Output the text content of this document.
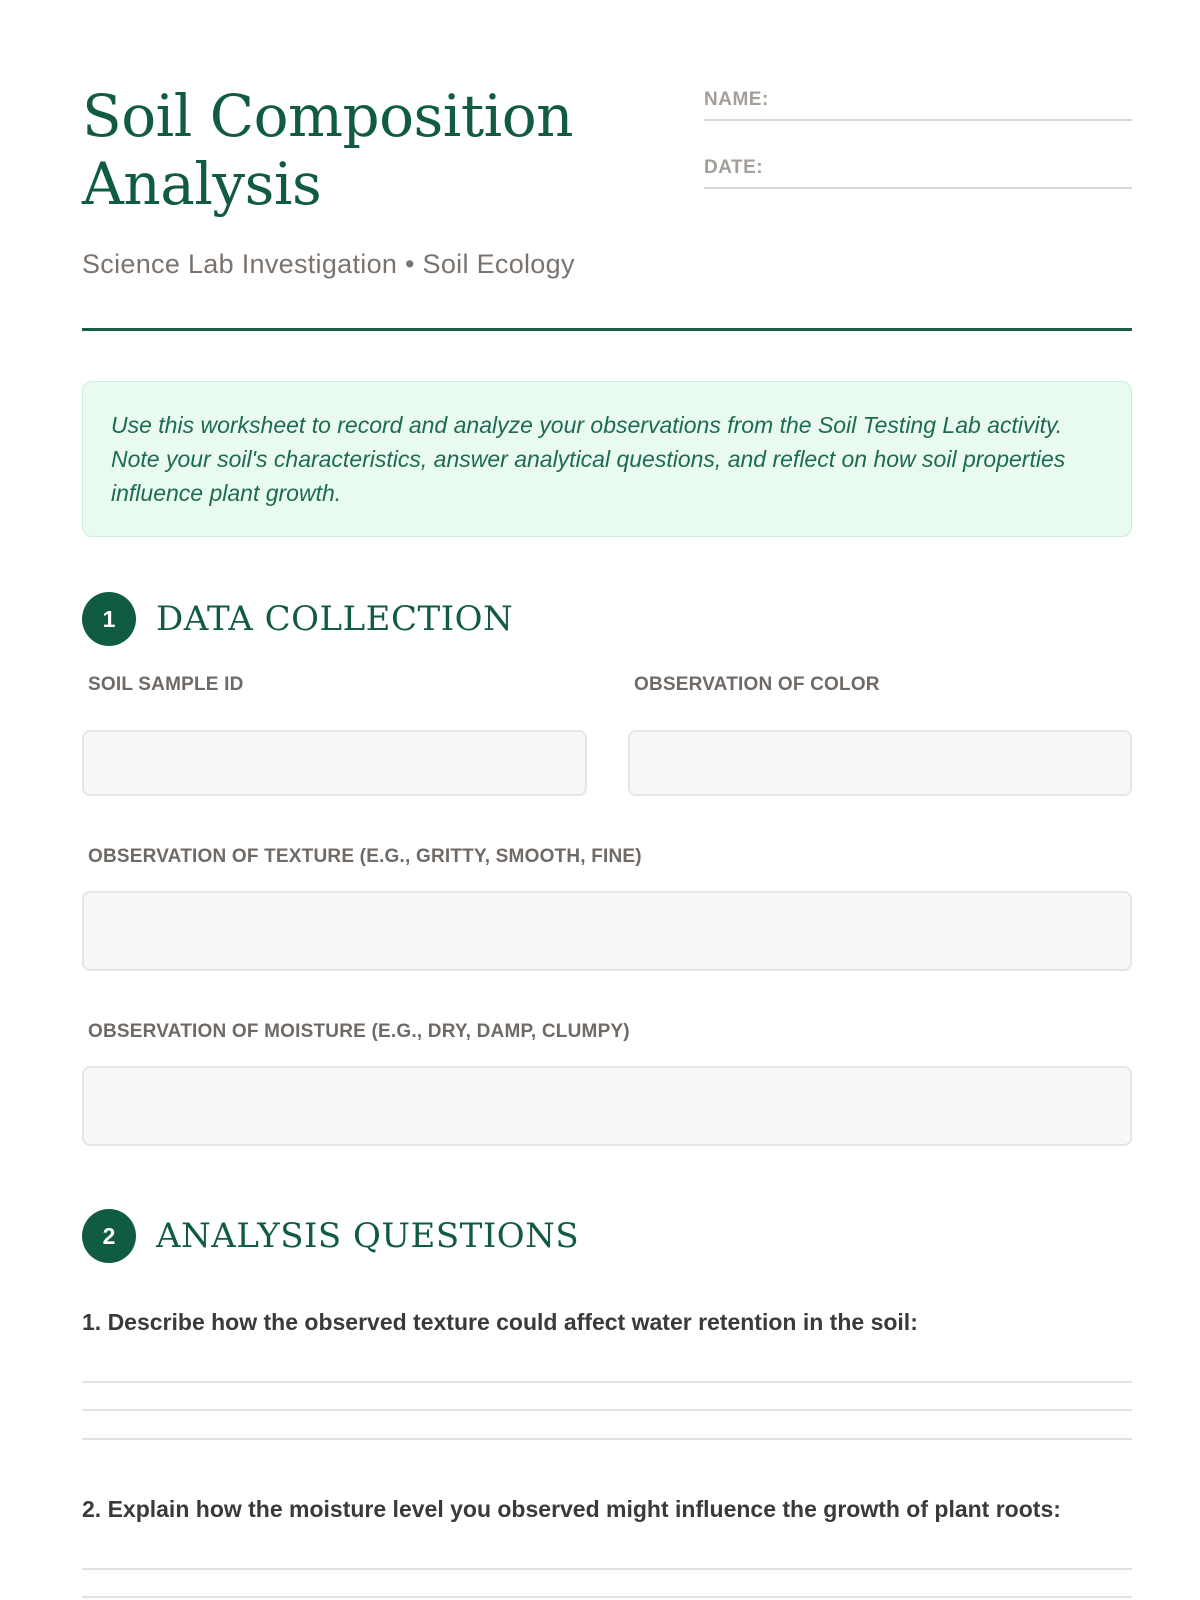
Soil Composition
Analysis

Science Lab Investigation • Soil Ecology

NAME:
DATE:

Use this worksheet to record and analyze your observations from the Soil Testing Lab activity. Note your soil's characteristics, answer analytical questions, and reflect on how soil properties influence plant growth.

1	DATA COLLECTION
SOIL SAMPLE ID	OBSERVATION OF COLOR
OBSERVATION OF TEXTURE (E.G., GRITTY, SMOOTH, FINE)
OBSERVATION OF MOISTURE (E.G., DRY, DAMP, CLUMPY)
2	ANALYSIS QUESTIONS

1. Describe how the observed texture could affect water retention in the soil:

2. Explain how the moisture level you observed might influence the growth of plant roots:
